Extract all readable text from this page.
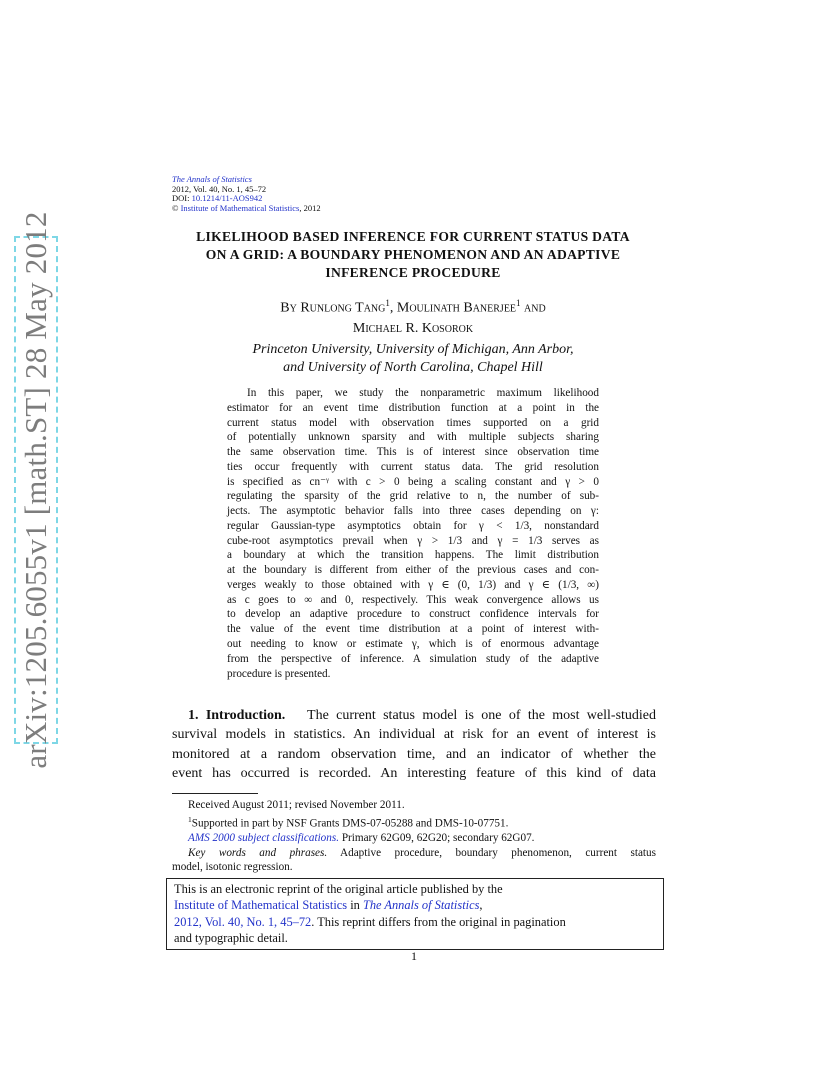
arXiv:1205.6055v1 [math.ST] 28 May 2012
The Annals of Statistics
2012, Vol. 40, No. 1, 45–72
DOI: 10.1214/11-AOS942
© Institute of Mathematical Statistics, 2012
LIKELIHOOD BASED INFERENCE FOR CURRENT STATUS DATA
ON A GRID: A BOUNDARY PHENOMENON AND AN ADAPTIVE
INFERENCE PROCEDURE
By Runlong Tang$^1$, Moulinath Banerjee$^1$ and
Michael R. Kosorok
Princeton University, University of Michigan, Ann Arbor,
and University of North Carolina, Chapel Hill
In this paper, we study the nonparametric maximum likelihood
estimator for an event time distribution function at a point in the
current status model with observation times supported on a grid
of potentially unknown sparsity and with multiple subjects sharing
the same observation time. This is of interest since observation time
ties occur frequently with current status data. The grid resolution
is specified as cn⁻ᵞ with c > 0 being a scaling constant and γ > 0
regulating the sparsity of the grid relative to n, the number of sub-
jects. The asymptotic behavior falls into three cases depending on γ:
regular Gaussian-type asymptotics obtain for γ < 1/3, nonstandard
cube-root asymptotics prevail when γ > 1/3 and γ = 1/3 serves as
a boundary at which the transition happens. The limit distribution
at the boundary is different from either of the previous cases and con-
verges weakly to those obtained with γ ∈ (0, 1/3) and γ ∈ (1/3, ∞)
as c goes to ∞ and 0, respectively. This weak convergence allows us
to develop an adaptive procedure to construct confidence intervals for
the value of the event time distribution at a point of interest with-
out needing to know or estimate γ, which is of enormous advantage
from the perspective of inference. A simulation study of the adaptive
procedure is presented.
1. Introduction. The current status model is one of the most well-studied
survival models in statistics. An individual at risk for an event of interest is
monitored at a random observation time, and an indicator of whether the
event has occurred is recorded. An interesting feature of this kind of data
Received August 2011; revised November 2011.
$^1$Supported in part by NSF Grants DMS-07-05288 and DMS-10-07751.
AMS 2000 subject classifications. Primary 62G09, 62G20; secondary 62G07.
Key words and phrases. Adaptive procedure, boundary phenomenon, current status
model, isotonic regression.
This is an electronic reprint of the original article published by the
Institute of Mathematical Statistics in The Annals of Statistics,
2012, Vol. 40, No. 1, 45–72. This reprint differs from the original in pagination
and typographic detail.
1
